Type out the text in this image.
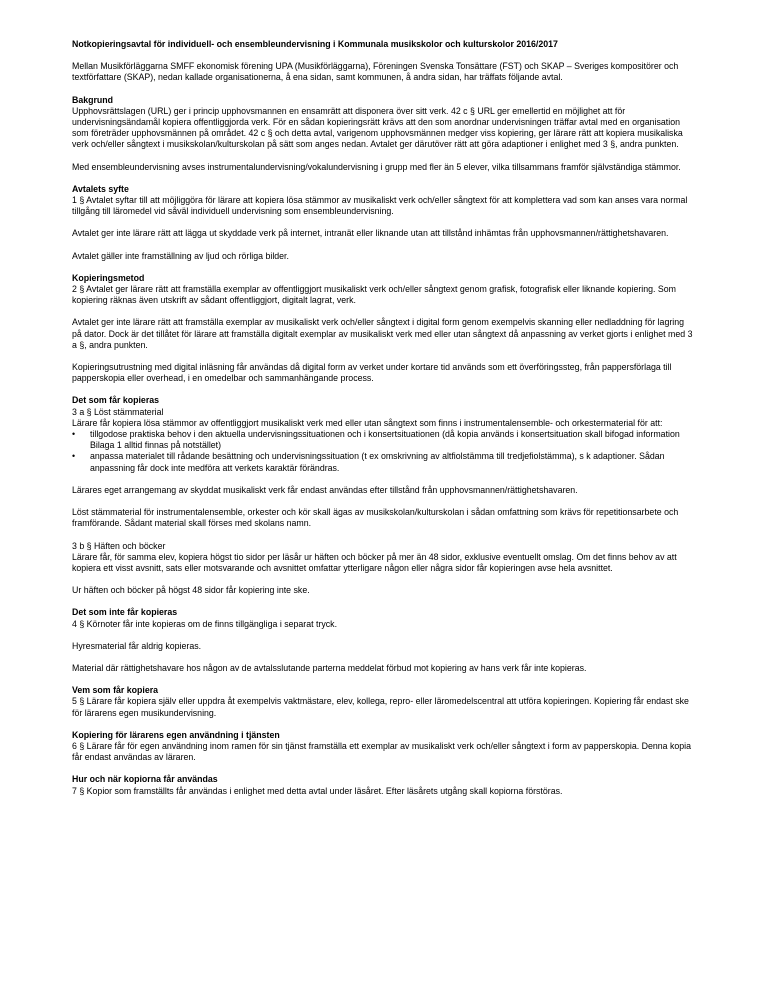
Notkopieringsavtal för individuell- och ensembleundervisning i Kommunala musikskolor och kulturskolor 2016/2017

Mellan Musikförläggarna SMFF ekonomisk förening UPA (Musikförläggarna), Föreningen Svenska Tonsättare (FST) och SKAP – Sveriges kompositörer och textförfattare (SKAP), nedan kallade organisationerna, å ena sidan, samt kommunen, å andra sidan, har träffats följande avtal.

Bakgrund
Upphovsrättslagen (URL) ger i princip upphovsmannen en ensamrätt att disponera över sitt verk. 42 c § URL ger emellertid en möjlighet att för undervisningsändamål kopiera offentliggjorda verk. För en sådan kopieringsrätt krävs att den som anordnar undervisningen träffar avtal med en organisation som företräder upphovsmännen på området. 42 c § och detta avtal, varigenom upphovsmännen medger viss kopiering, ger lärare rätt att kopiera musikaliska verk och/eller sångtext i musikskolan/kulturskolan på sätt som anges nedan. Avtalet ger därutöver rätt att göra adaptioner i enlighet med 3 §, andra punkten.

Med ensembleundervisning avses instrumentalundervisning/vokalundervisning i grupp med fler än 5 elever, vilka tillsammans framför självständiga stämmor.

Avtalets syfte
1 § Avtalet syftar till att möjliggöra för lärare att kopiera lösa stämmor av musikaliskt verk och/eller sångtext för att komplettera vad som kan anses vara normal tillgång till läromedel vid såväl individuell undervisning som ensembleundervisning.

Avtalet ger inte lärare rätt att lägga ut skyddade verk på internet, intranät eller liknande utan att tillstånd inhämtas från upphovsmannen/rättighetshavaren.

Avtalet gäller inte framställning av ljud och rörliga bilder.

Kopieringsmetod
2 § Avtalet ger lärare rätt att framställa exemplar av offentliggjort musikaliskt verk och/eller sångtext genom grafisk, fotografisk eller liknande kopiering. Som kopiering räknas även utskrift av sådant offentliggjort, digitalt lagrat, verk.

Avtalet ger inte lärare rätt att framställa exemplar av musikaliskt verk och/eller sångtext i digital form genom exempelvis skanning eller nedladdning för lagring på dator. Dock är det tillåtet för lärare att framställa digitalt exemplar av musikaliskt verk med eller utan sångtext då anpassning av verket gjorts i enlighet med 3 a §, andra punkten.

Kopieringsutrustning med digital inläsning får användas då digital form av verket under kortare tid används som ett överföringssteg, från pappersförlaga till papperskopia eller overhead, i en omedelbar och sammanhängande process.

Det som får kopieras
3 a § Löst stämmaterial
Lärare får kopiera lösa stämmor av offentliggjort musikaliskt verk med eller utan sångtext som finns i instrumentalensemble- och orkestermaterial för att:

• tillgodose praktiska behov i den aktuella undervisningssituationen och i konsertsituationen (då kopia används i konsertsituation skall bifogad information Bilaga 1 alltid finnas på notstället)
• anpassa materialet till rådande besättning och undervisningssituation (t ex omskrivning av altfiolstämma till tredjefiolstämma), s k adaptioner. Sådan anpassning får dock inte medföra att verkets karaktär förändras.

Lärares eget arrangemang av skyddat musikaliskt verk får endast användas efter tillstånd från upphovsmannen/rättighetshavaren.

Löst stämmaterial för instrumentalensemble, orkester och kör skall ägas av musikskolan/kulturskolan i sådan omfattning som krävs för repetitionsarbete och framförande. Sådant material skall förses med skolans namn.

3 b § Häften och böcker
Lärare får, för samma elev, kopiera högst tio sidor per läsår ur häften och böcker på mer än 48 sidor, exklusive eventuellt omslag. Om det finns behov av att kopiera ett visst avsnitt, sats eller motsvarande och avsnittet omfattar ytterligare någon eller några sidor får kopieringen avse hela avsnittet.

Ur häften och böcker på högst 48 sidor får kopiering inte ske.

Det som inte får kopieras
4 § Körnoter får inte kopieras om de finns tillgängliga i separat tryck.

Hyresmaterial får aldrig kopieras.

Material där rättighetshavare hos någon av de avtalsslutande parterna meddelat förbud mot kopiering av hans verk får inte kopieras.

Vem som får kopiera
5 § Lärare får kopiera själv eller uppdra åt exempelvis vaktmästare, elev, kollega, repro- eller läromedelscentral att utföra kopieringen. Kopiering får endast ske för lärarens egen musikundervisning.

Kopiering för lärarens egen användning i tjänsten
6 § Lärare får för egen användning inom ramen för sin tjänst framställa ett exemplar av musikaliskt verk och/eller sångtext i form av papperskopia. Denna kopia får endast användas av läraren.

Hur och när kopiorna får användas
7 § Kopior som framställts får användas i enlighet med detta avtal under läsåret. Efter läsårets utgång skall kopiorna förstöras.
